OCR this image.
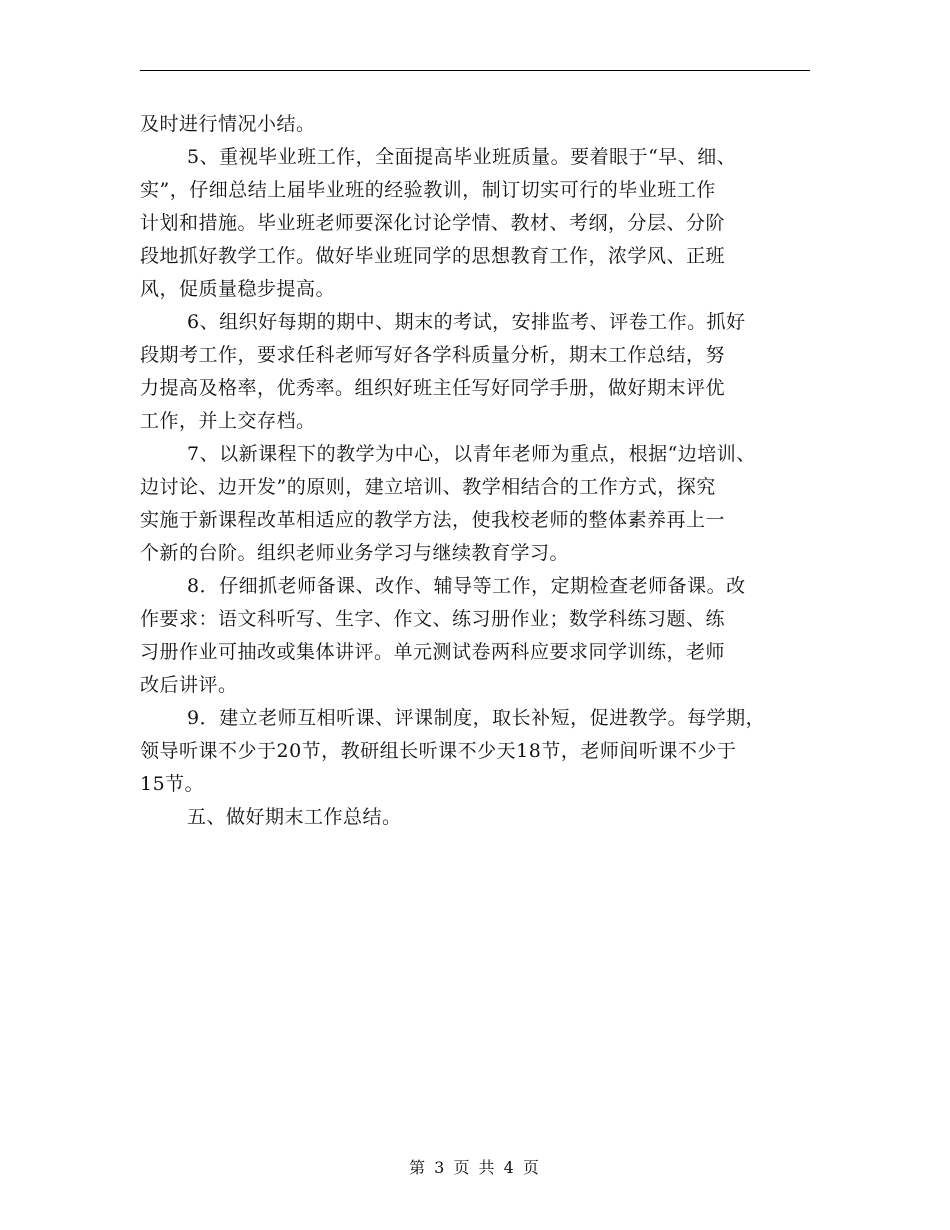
及时进行情况小结。
5、重视毕业班工作，全面提高毕业班质量。要着眼于“早、细、
实”，仔细总结上届毕业班的经验教训，制订切实可行的毕业班工作
计划和措施。毕业班老师要深化讨论学情、教材、考纲，分层、分阶
段地抓好教学工作。做好毕业班同学的思想教育工作，浓学风、正班
风，促质量稳步提高。
6、组织好每期的期中、期末的考试，安排监考、评卷工作。抓好
段期考工作，要求任科老师写好各学科质量分析，期末工作总结，努
力提高及格率，优秀率。组织好班主任写好同学手册，做好期末评优
工作，并上交存档。
7、以新课程下的教学为中心，以青年老师为重点，根据“边培训、
边讨论、边开发”的原则，建立培训、教学相结合的工作方式，探究
实施于新课程改革相适应的教学方法，使我校老师的整体素养再上一
个新的台阶。组织老师业务学习与继续教育学习。
8．仔细抓老师备课、改作、辅导等工作，定期检查老师备课。改
作要求：语文科听写、生字、作文、练习册作业；数学科练习题、练
习册作业可抽改或集体讲评。单元测试卷两科应要求同学训练，老师
改后讲评。
9．建立老师互相听课、评课制度，取长补短，促进教学。每学期，
领导听课不少于20节，教研组长听课不少天18节，老师间听课不少于
15节。
五、做好期末工作总结。
第 3 页 共 4 页
